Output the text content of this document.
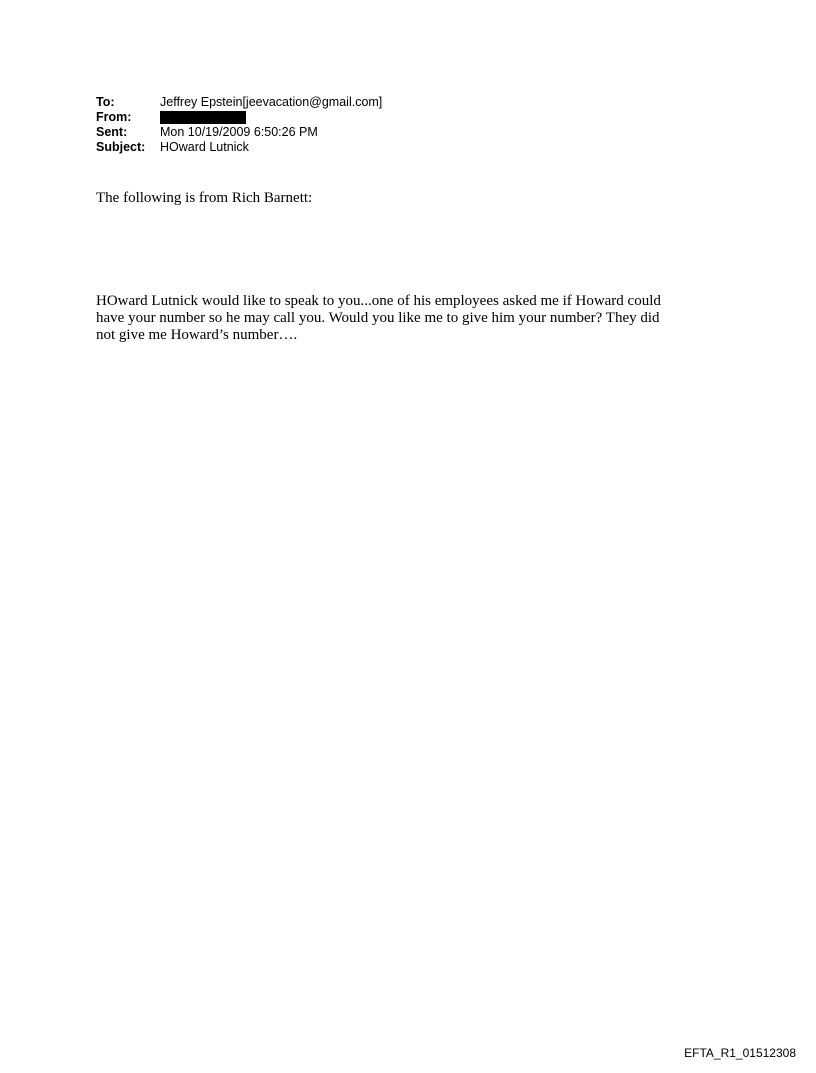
To:	Jeffrey Epstein[jeevacation@gmail.com]
From:
Sent:	Mon 10/19/2009 6:50:26 PM
Subject:	HOward Lutnick
The following is from Rich Barnett:

HOward Lutnick would like to speak to you...one of his employees asked me if Howard could

have your number so he may call you. Would you like me to give him your number? They did

not give me Howard’s number….

EFTA_R1_01512308
